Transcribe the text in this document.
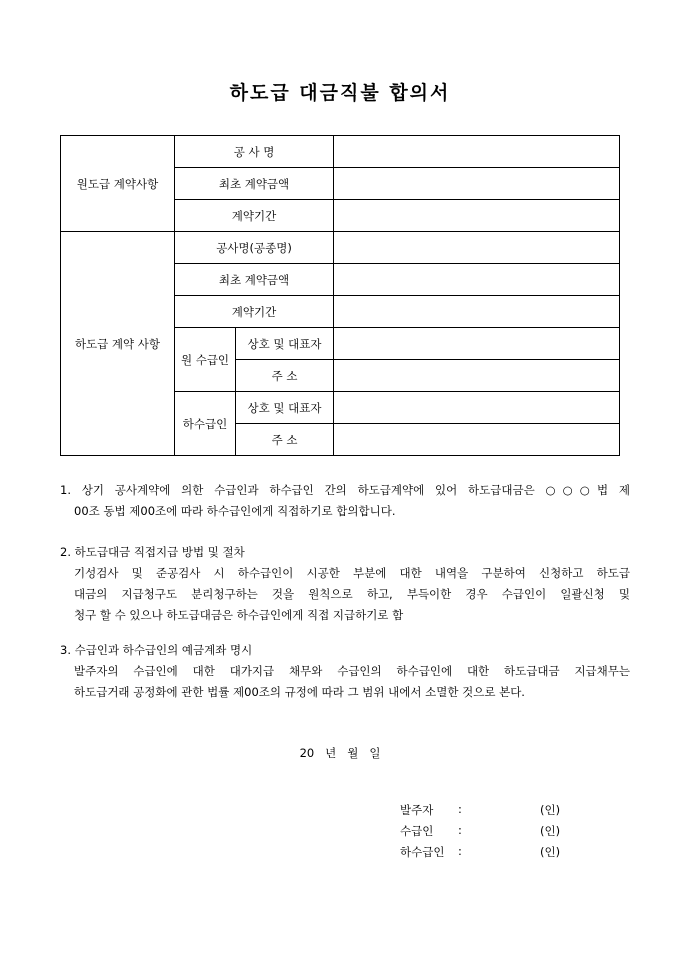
하도급 대금직불 합의서
원도급 계약사항	공 사 명		
	최초 계약금액		
	계약기간		
하도급 계약 사항	공사명(공종명)		
	최초 계약금액		
	계약기간		
	원 수급인	상호 및 대표자	
		주 소	
	하수급인	상호 및 대표자	
		주 소	
1. 상기 공사계약에 의한 수급인과 하수급인 간의 하도급계약에 있어 하도급대금은 ○○○법 제
00조 동법 제00조에 따라 하수급인에게 직접하기로 합의합니다.
2. 하도급대금 직접지급 방법 및 절차
기성검사 및 준공검사 시 하수급인이 시공한 부분에 대한 내역을 구분하여 신청하고 하도급
대금의 지급청구도 분리청구하는 것을 원칙으로 하고, 부득이한 경우 수급인이 일괄신청 및
청구 할 수 있으나 하도급대금은 하수급인에게 직접 지급하기로 함
3. 수급인과 하수급인의 예금계좌 명시
발주자의 수급인에 대한 대가지급 채무와 수급인의 하수급인에 대한 하도급대금 지급채무는
하도급거래 공정화에 관한 법률 제00조의 규정에 따라 그 범위 내에서 소멸한 것으로 본다.
20   년   월   일
발주자	:	(인)
수급인	:	(인)
하수급인	:	(인)
